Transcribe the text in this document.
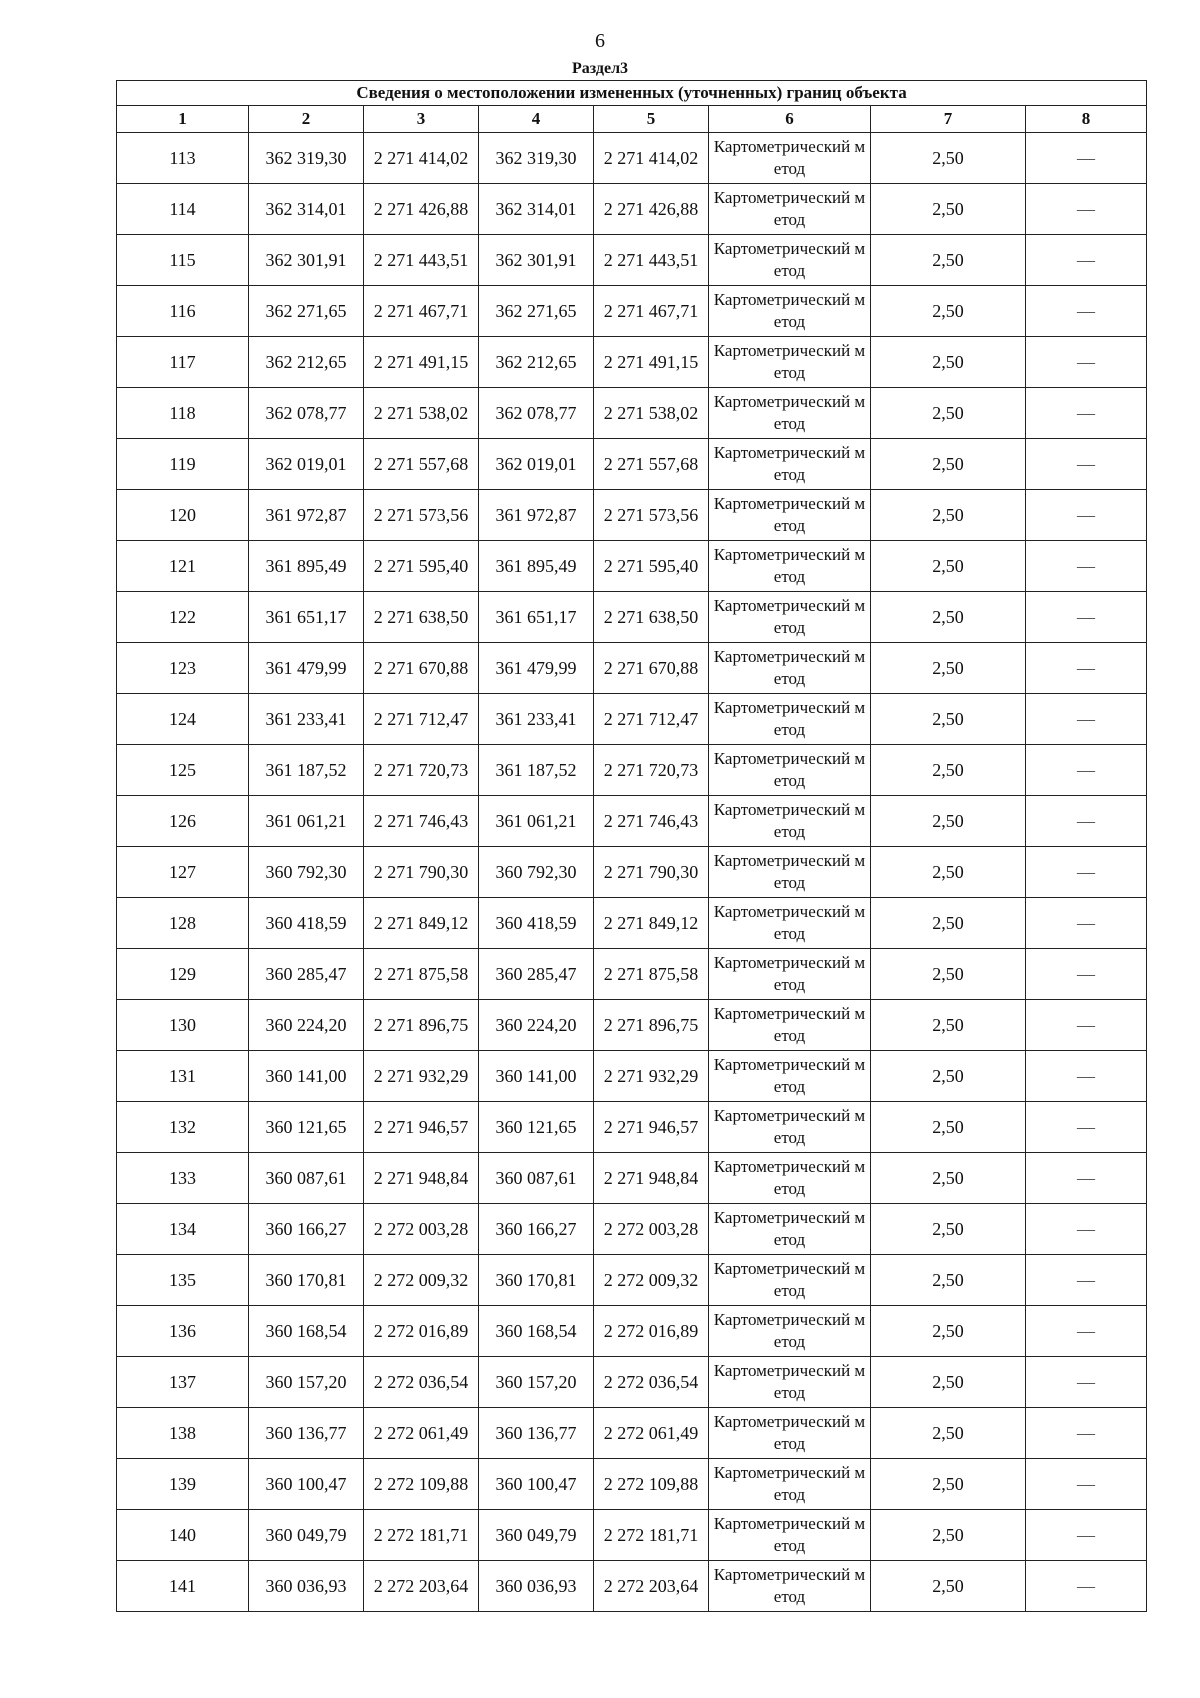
6
Раздел3
Сведения о местоположении измененных (уточненных) границ объекта							
1	2	3	4	5	6	7	8
113	362 319,30	2 271 414,02	362 319,30	2 271 414,02	Картометрический метод	2,50	—
114	362 314,01	2 271 426,88	362 314,01	2 271 426,88	Картометрический метод	2,50	—
115	362 301,91	2 271 443,51	362 301,91	2 271 443,51	Картометрический метод	2,50	—
116	362 271,65	2 271 467,71	362 271,65	2 271 467,71	Картометрический метод	2,50	—
117	362 212,65	2 271 491,15	362 212,65	2 271 491,15	Картометрический метод	2,50	—
118	362 078,77	2 271 538,02	362 078,77	2 271 538,02	Картометрический метод	2,50	—
119	362 019,01	2 271 557,68	362 019,01	2 271 557,68	Картометрический метод	2,50	—
120	361 972,87	2 271 573,56	361 972,87	2 271 573,56	Картометрический метод	2,50	—
121	361 895,49	2 271 595,40	361 895,49	2 271 595,40	Картометрический метод	2,50	—
122	361 651,17	2 271 638,50	361 651,17	2 271 638,50	Картометрический метод	2,50	—
123	361 479,99	2 271 670,88	361 479,99	2 271 670,88	Картометрический метод	2,50	—
124	361 233,41	2 271 712,47	361 233,41	2 271 712,47	Картометрический метод	2,50	—
125	361 187,52	2 271 720,73	361 187,52	2 271 720,73	Картометрический метод	2,50	—
126	361 061,21	2 271 746,43	361 061,21	2 271 746,43	Картометрический метод	2,50	—
127	360 792,30	2 271 790,30	360 792,30	2 271 790,30	Картометрический метод	2,50	—
128	360 418,59	2 271 849,12	360 418,59	2 271 849,12	Картометрический метод	2,50	—
129	360 285,47	2 271 875,58	360 285,47	2 271 875,58	Картометрический метод	2,50	—
130	360 224,20	2 271 896,75	360 224,20	2 271 896,75	Картометрический метод	2,50	—
131	360 141,00	2 271 932,29	360 141,00	2 271 932,29	Картометрический метод	2,50	—
132	360 121,65	2 271 946,57	360 121,65	2 271 946,57	Картометрический метод	2,50	—
133	360 087,61	2 271 948,84	360 087,61	2 271 948,84	Картометрический метод	2,50	—
134	360 166,27	2 272 003,28	360 166,27	2 272 003,28	Картометрический метод	2,50	—
135	360 170,81	2 272 009,32	360 170,81	2 272 009,32	Картометрический метод	2,50	—
136	360 168,54	2 272 016,89	360 168,54	2 272 016,89	Картометрический метод	2,50	—
137	360 157,20	2 272 036,54	360 157,20	2 272 036,54	Картометрический метод	2,50	—
138	360 136,77	2 272 061,49	360 136,77	2 272 061,49	Картометрический метод	2,50	—
139	360 100,47	2 272 109,88	360 100,47	2 272 109,88	Картометрический метод	2,50	—
140	360 049,79	2 272 181,71	360 049,79	2 272 181,71	Картометрический метод	2,50	—
141	360 036,93	2 272 203,64	360 036,93	2 272 203,64	Картометрический метод	2,50	—
